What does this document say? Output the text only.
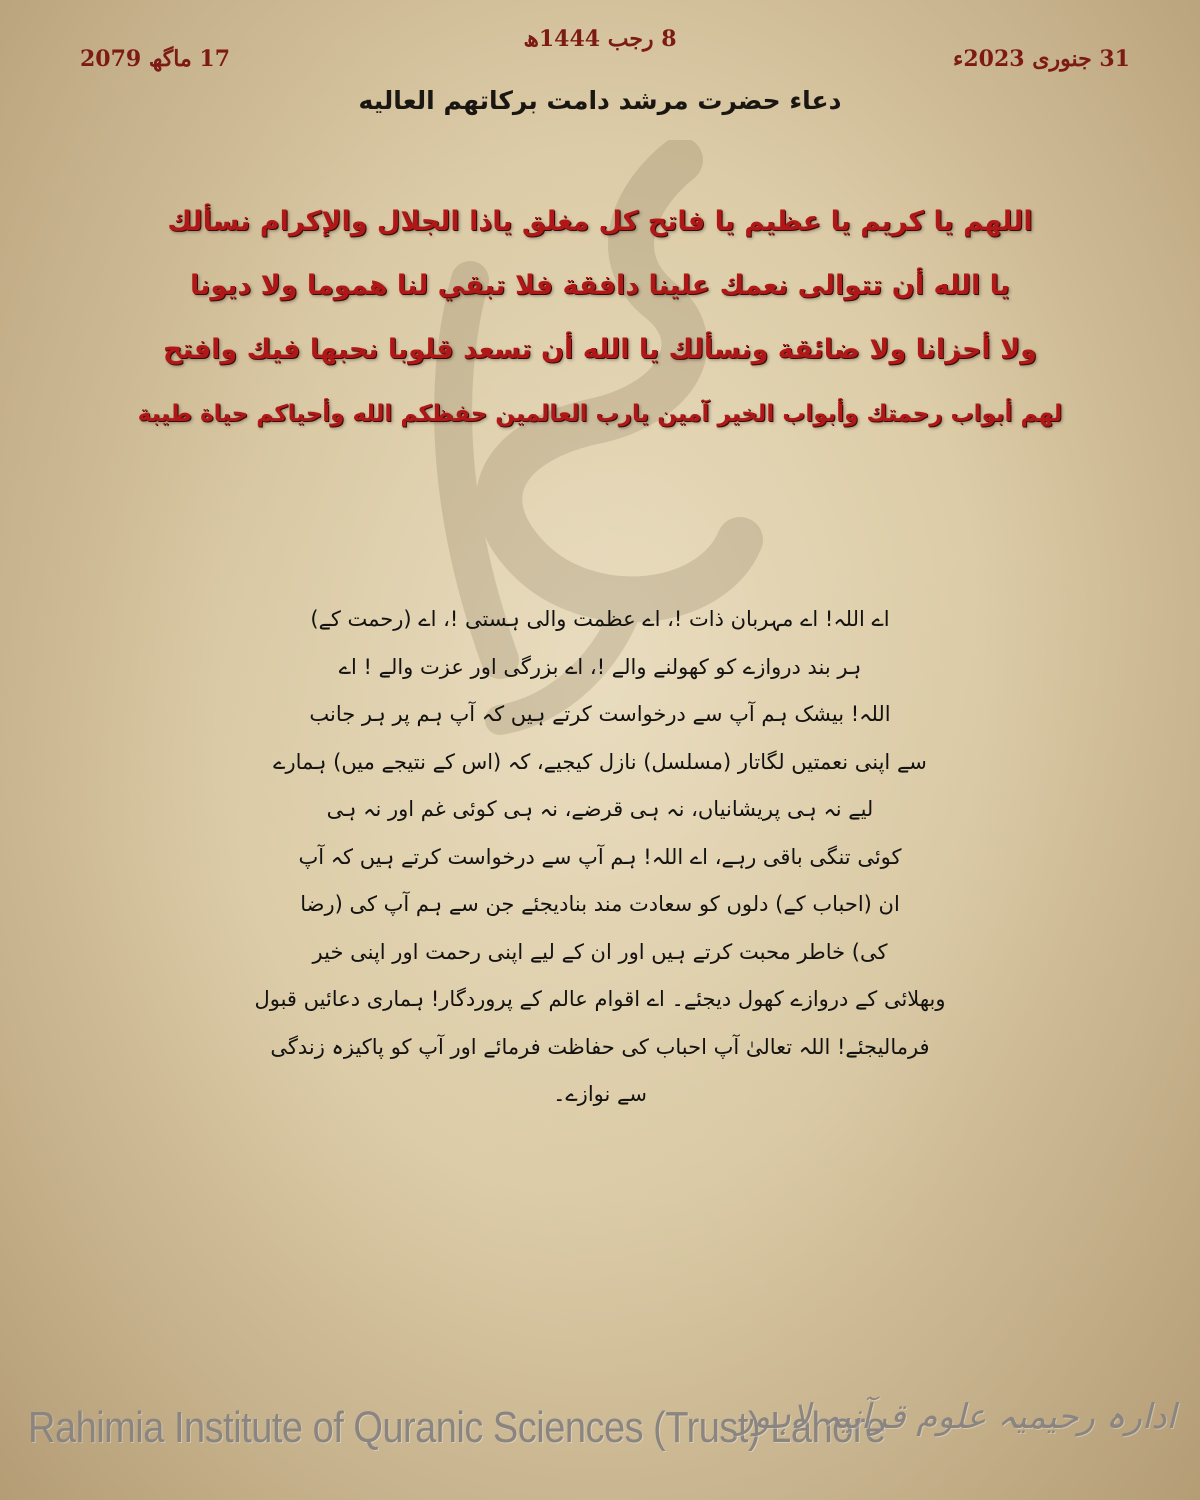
31 جنوری 2023ء
8 رجب 1444ھ
17 ماگھ 2079
دعاء حضرت مرشد دامت برکاتهم العالیه
اللهم يا كريم يا عظيم يا فاتح كل مغلق ياذا الجلال والإكرام نسألك
يا الله أن تتوالى نعمك علينا دافقة فلا تبقي لنا هموما ولا ديونا
ولا أحزانا ولا ضائقة ونسألك يا الله أن تسعد قلوبا نحبها فيك وافتح
لهم أبواب رحمتك وأبواب الخير آمين يارب العالمين حفظكم الله وأحياكم حياة طيبة
اے اللہ! اے مہربان ذات !، اے عظمت والی ہستی !، اے (رحمت کے)
ہر بند دروازے کو کھولنے والے !، اے بزرگی اور عزت والے ! اے
اللہ! بیشک ہم آپ سے درخواست کرتے ہیں کہ آپ ہم پر ہر جانب
سے اپنی نعمتیں لگاتار (مسلسل) نازل کیجیے، کہ (اس کے نتیجے میں) ہمارے
لیے نہ ہی پریشانیاں، نہ ہی قرضے، نہ ہی کوئی غم اور نہ ہی
کوئی تنگی باقی رہے، اے اللہ! ہم آپ سے درخواست کرتے ہیں کہ آپ
ان (احباب کے) دلوں کو سعادت مند بنادیجئے جن سے ہم آپ کی (رضا
کی) خاطر محبت کرتے ہیں اور ان کے لیے اپنی رحمت اور اپنی خیر
وبھلائی کے دروازے کھول دیجئے۔ اے اقوام عالم کے پروردگار! ہماری دعائیں قبول
فرمالیجئے! اللہ تعالیٰ آپ احباب کی حفاظت فرمائے اور آپ کو پاکیزہ زندگی
سے نوازے۔
Rahimia Institute of Quranic Sciences (Trust) Lahore
ادارہ رحیمیہ علوم قرآنیہ لاہور
